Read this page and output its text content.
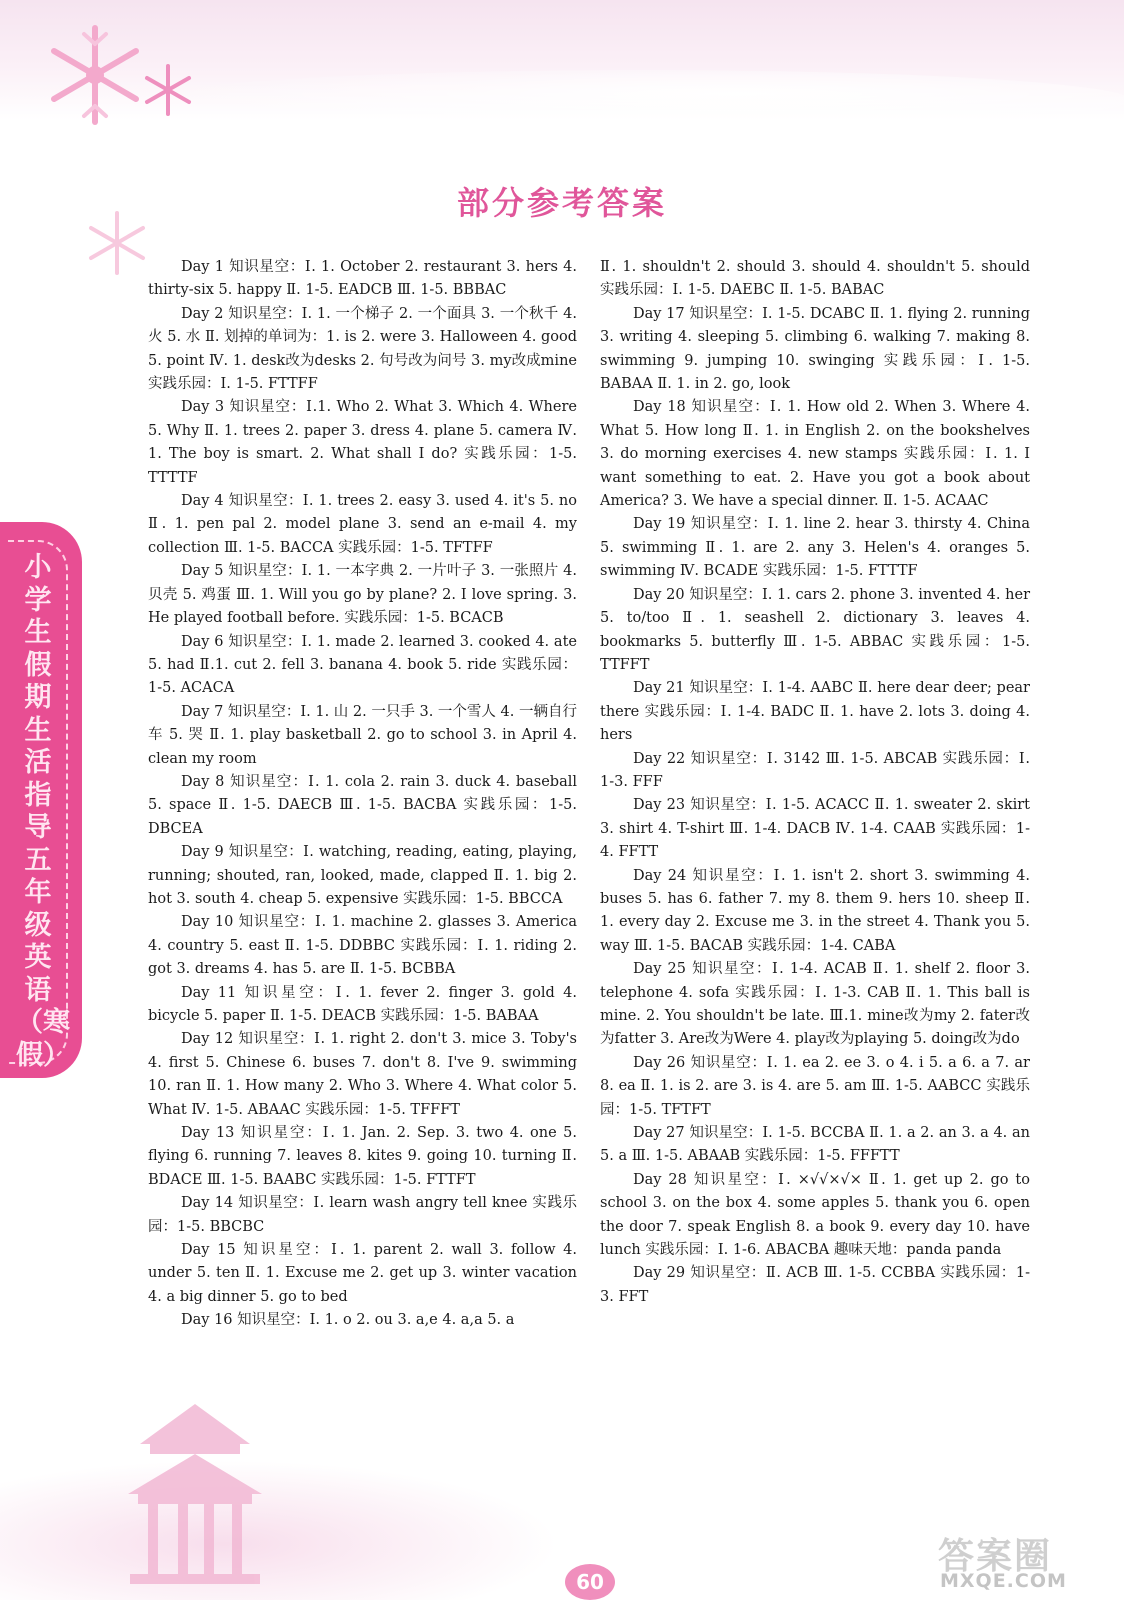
部分参考答案
小学生假期生活指导五年级英语（寒假）

Day 1 知识星空：Ⅰ. 1. October 2. restaurant 3. hers 4. thirty-six 5. happy Ⅱ. 1-5. EADCB Ⅲ. 1-5. BBBAC

Day 2 知识星空：Ⅰ. 1. 一个梯子 2. 一个面具 3. 一个秋千 4. 火 5. 水 Ⅱ. 划掉的单词为：1. is 2. were 3. Halloween 4. good 5. point Ⅳ. 1. desk改为desks 2. 句号改为问号 3. my改成mine 实践乐园：Ⅰ. 1-5. FTTFF

Day 3 知识星空：Ⅰ.1. Who 2. What 3. Which 4. Where 5. Why Ⅱ. 1. trees 2. paper 3. dress 4. plane 5. camera Ⅳ. 1. The boy is smart. 2. What shall I do? 实践乐园：1-5. TTTTF

Day 4 知识星空：Ⅰ. 1. trees 2. easy 3. used 4. it's 5. no Ⅱ. 1. pen pal 2. model plane 3. send an e-mail 4. my collection Ⅲ. 1-5. BACCA 实践乐园：1-5. TFTFF

Day 5 知识星空：Ⅰ. 1. 一本字典 2. 一片叶子 3. 一张照片 4. 贝壳 5. 鸡蛋 Ⅲ. 1. Will you go by plane? 2. I love spring. 3. He played football before. 实践乐园：1-5. BCACB

Day 6 知识星空：Ⅰ. 1. made 2. learned 3. cooked 4. ate 5. had Ⅱ.1. cut 2. fell 3. banana 4. book 5. ride 实践乐园：1-5. ACACA

Day 7 知识星空：Ⅰ. 1. 山 2. 一只手 3. 一个雪人 4. 一辆自行车 5. 哭 Ⅱ. 1. play basketball 2. go to school 3. in April 4. clean my room

Day 8 知识星空：Ⅰ. 1. cola 2. rain 3. duck 4. baseball 5. space Ⅱ. 1-5. DAECB Ⅲ. 1-5. BACBA 实践乐园：1-5. DBCEA

Day 9 知识星空：Ⅰ. watching, reading, eating, playing, running; shouted, ran, looked, made, clapped Ⅱ. 1. big 2. hot 3. south 4. cheap 5. expensive 实践乐园：1-5. BBCCA

Day 10 知识星空：Ⅰ. 1. machine 2. glasses 3. America 4. country 5. east Ⅱ. 1-5. DDBBC 实践乐园：Ⅰ. 1. riding 2. got 3. dreams 4. has 5. are Ⅱ. 1-5. BCBBA

Day 11 知识星空：Ⅰ. 1. fever 2. finger 3. gold 4. bicycle 5. paper Ⅱ. 1-5. DEACB 实践乐园：1-5. BABAA

Day 12 知识星空：Ⅰ. 1. right 2. don't 3. mice 3. Toby's 4. first 5. Chinese 6. buses 7. don't 8. I've 9. swimming 10. ran Ⅱ. 1. How many 2. Who 3. Where 4. What color 5. What Ⅳ. 1-5. ABAAC 实践乐园：1-5. TFFFT

Day 13 知识星空：Ⅰ. 1. Jan. 2. Sep. 3. two 4. one 5. flying 6. running 7. leaves 8. kites 9. going 10. turning Ⅱ. BDACE Ⅲ. 1-5. BAABC 实践乐园：1-5. FTTFT

Day 14 知识星空：Ⅰ. learn wash angry tell knee 实践乐园：1-5. BBCBC

Day 15 知识星空：Ⅰ. 1. parent 2. wall 3. follow 4. under 5. ten Ⅱ. 1. Excuse me 2. get up 3. winter vacation 4. a big dinner 5. go to bed

Day 16 知识星空：Ⅰ. 1. o 2. ou 3. a,e 4. a,a 5. a

Ⅱ. 1. shouldn't 2. should 3. should 4. shouldn't 5. should 实践乐园：Ⅰ. 1-5. DAEBC Ⅱ. 1-5. BABAC

Day 17 知识星空：Ⅰ. 1-5. DCABC Ⅱ. 1. flying 2. running 3. writing 4. sleeping 5. climbing 6. walking 7. making 8. swimming 9. jumping 10. swinging 实践乐园：Ⅰ. 1-5. BABAA Ⅱ. 1. in 2. go, look

Day 18 知识星空：Ⅰ. 1. How old 2. When 3. Where 4. What 5. How long Ⅱ. 1. in English 2. on the bookshelves 3. do morning exercises 4. new stamps 实践乐园：Ⅰ. 1. I want something to eat. 2. Have you got a book about America? 3. We have a special dinner. Ⅱ. 1-5. ACAAC

Day 19 知识星空：Ⅰ. 1. line 2. hear 3. thirsty 4. China 5. swimming Ⅱ. 1. are 2. any 3. Helen's 4. oranges 5. swimming Ⅳ. BCADE 实践乐园：1-5. FTTTF

Day 20 知识星空：Ⅰ. 1. cars 2. phone 3. invented 4. her 5. to/too Ⅱ. 1. seashell 2. dictionary 3. leaves 4. bookmarks 5. butterfly Ⅲ. 1-5. ABBAC 实践乐园：1-5. TTFFT

Day 21 知识星空：Ⅰ. 1-4. AABC Ⅱ. here dear deer; pear there 实践乐园：Ⅰ. 1-4. BADC Ⅱ. 1. have 2. lots 3. doing 4. hers

Day 22 知识星空：Ⅰ. 3142 Ⅲ. 1-5. ABCAB 实践乐园：Ⅰ. 1-3. FFF

Day 23 知识星空：Ⅰ. 1-5. ACACC Ⅱ. 1. sweater 2. skirt 3. shirt 4. T-shirt Ⅲ. 1-4. DACB Ⅳ. 1-4. CAAB 实践乐园：1-4. FFTT

Day 24 知识星空：Ⅰ. 1. isn't 2. short 3. swimming 4. buses 5. has 6. father 7. my 8. them 9. hers 10. sheep Ⅱ. 1. every day 2. Excuse me 3. in the street 4. Thank you 5. way Ⅲ. 1-5. BACAB 实践乐园：1-4. CABA

Day 25 知识星空：Ⅰ. 1-4. ACAB Ⅱ. 1. shelf 2. floor 3. telephone 4. sofa 实践乐园：Ⅰ. 1-3. CAB Ⅱ. 1. This ball is mine. 2. You shouldn't be late. Ⅲ.1. mine改为my 2. fater改为fatter 3. Are改为Were 4. play改为playing 5. doing改为do

Day 26 知识星空：Ⅰ. 1. ea 2. ee 3. o 4. i 5. a 6. a 7. ar 8. ea Ⅱ. 1. is 2. are 3. is 4. are 5. am Ⅲ. 1-5. AABCC 实践乐园：1-5. TFTFT

Day 27 知识星空：Ⅰ. 1-5. BCCBA Ⅱ. 1. a 2. an 3. a 4. an 5. a Ⅲ. 1-5. ABAAB 实践乐园：1-5. FFFTT

Day 28 知识星空：Ⅰ. ×√√×√× Ⅱ. 1. get up 2. go to school 3. on the box 4. some apples 5. thank you 6. open the door 7. speak English 8. a book 9. every day 10. have lunch 实践乐园：Ⅰ. 1-6. ABACBA 趣味天地：panda panda

Day 29 知识星空：Ⅱ. ACB Ⅲ. 1-5. CCBBA 实践乐园：1-3. FFT

60
答案圈
MXQE.COM
